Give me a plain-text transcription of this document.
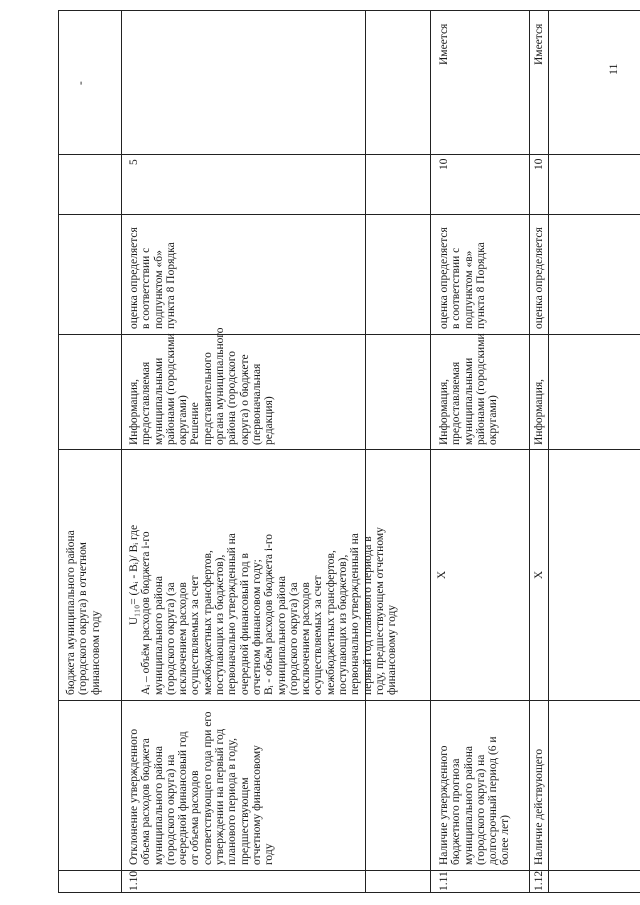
бюджета муниципального района (городского округа) в отчетном финансовом году
-
1.10
Отклонение утвержденного объема расходов бюджета муниципального района (городского округа) на очередной финансовый год от объема расходов соответствующего года при его утверждении на первый год планового периода в году, предшествующем отчетному финансовому году
U₁₁₀= (Aᵢ - Bᵢ)/ Bᵢ где Aᵢ – объём расходов бюджета i-го муниципального района (городского округа) (за исключением расходов осуществляемых за счет межбюджетных трансфертов, поступающих из бюджетов), первоначально утвержденный на очередной финансовый год в отчетном финансовом году; Bᵢ - объём расходов бюджета i-го муниципального района (городского округа) (за исключением расходов осуществляемых за счет межбюджетных трансфертов, поступающих из бюджетов), первоначально утвержденный на первый год планового периода в году, предшествующем отчетному финансовому году
Информация, предоставляемая муниципальными районами (городскими округами) Решение представительного органа муниципального района (городского округа) о бюджете (первоначальная редакция)
оценка определяется в соответствии с подпунктом «б» пункта 8 Порядка
5
1.11
Наличие утвержденного бюджетного прогноза муниципального района (городского округа) на долгосрочный период (6 и более лет)
X
Информация, предоставляемая муниципальными районами (городскими округами)
оценка определяется в соответствии с подпунктом «в» пункта 8 Порядка
10
Имеется
1.12
Наличие действующего
X
Информация,
оценка определяется
10
Имеется
11
